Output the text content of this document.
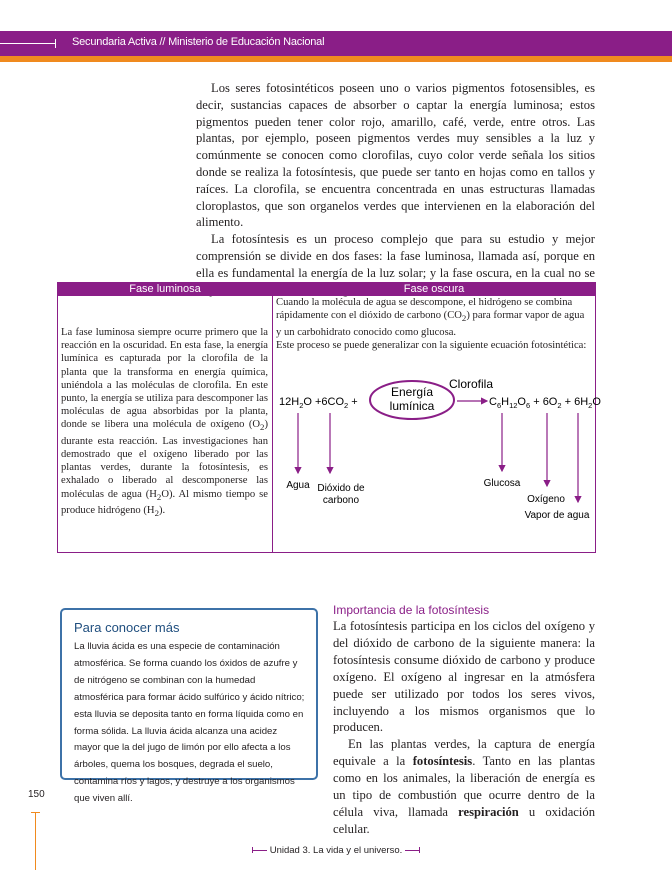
Secundaria Activa // Ministerio de Educación Nacional

Los seres fotosintéticos poseen uno o varios pigmentos fotosensibles, es decir, sustancias capaces de absorber o captar la energía luminosa; estos pigmentos pueden tener color rojo, amarillo, café, verde, entre otros. Las plantas, por ejemplo, poseen pigmentos verdes muy sensibles a la luz y comúnmente se conocen como clorofilas, cuyo color verde señala los sitios donde se realiza la fotosíntesis, que puede ser tanto en hojas como en tallos y raíces. La clorofila, se encuentra concentrada en unas estructuras llamadas cloroplastos, que son organelos verdes que intervienen en la elaboración del alimento.

La fotosíntesis es un proceso complejo que para su estudio y mejor comprensión se divide en dos fases: la fase luminosa, llamada así, porque en ella es fundamental la energía de la luz solar; y la fase oscura, en la cual no se

Fase luminosa	Fase oscura

La fase luminosa siempre ocurre primero que la reacción en la oscuridad. En esta fase, la energía lumínica es capturada por la clorofila de la planta que la transforma en energía química, uniéndola a las moléculas de clorofila. En este punto, la energía se utiliza para descomponer las moléculas de agua absorbidas por la planta, donde se libera una molécula de oxígeno $(O_2)$ durante esta reacción. Las investigaciones han demostrado que el oxígeno liberado por las plantas verdes, durante la fotosíntesis, es exhalado o liberado al descomponerse las moléculas de agua $(H_2O)$. Al mismo tiempo se produce hidrógeno $(H_2)$.

Cuando la molécula de agua se descompone, el hidrógeno se combina rápidamente con el dióxido de carbono $(CO_2)$ para formar vapor de agua y un carbohidrato conocido como glucosa.

Este proceso se puede generalizar con la siguiente ecuación fotosintética:

$12H_2O +6CO_2$ +
Energía
lumínica
Clorofila
$C_6H_{12}O_6 + 6O_2 + 6H_2O$
Agua Dióxido de
carbono
Glucosa
Oxígeno
Vapor de agua
Para conocer más

La lluvia ácida es una especie de contaminación atmosférica. Se forma cuando los óxidos de azufre y de nitrógeno se combinan con la humedad atmosférica para formar ácido sulfúrico y ácido nítrico; esta lluvia se deposita tanto en forma líquida como en forma sólida. La lluvia ácida alcanza una acidez mayor que la del jugo de limón por ello afecta a los árboles, quema los bosques, degrada el suelo, contamina ríos y lagos, y destruye a los organismos que viven allí.

Importancia de la fotosíntesis

La fotosíntesis participa en los ciclos del oxígeno y del dióxido de carbono de la siguiente manera: la fotosíntesis consume dióxido de carbono y produce oxígeno. El oxígeno al ingresar en la atmósfera puede ser utilizado por todos los seres vivos, incluyendo a los mismos organismos que lo producen.

En las plantas verdes, la captura de energía equivale a la fotosíntesis. Tanto en las plantas como en los animales, la liberación de energía es un tipo de combustión que ocurre dentro de la célula viva, llamada respiración u oxidación celular.

150
Unidad 3. La vida y el universo.
